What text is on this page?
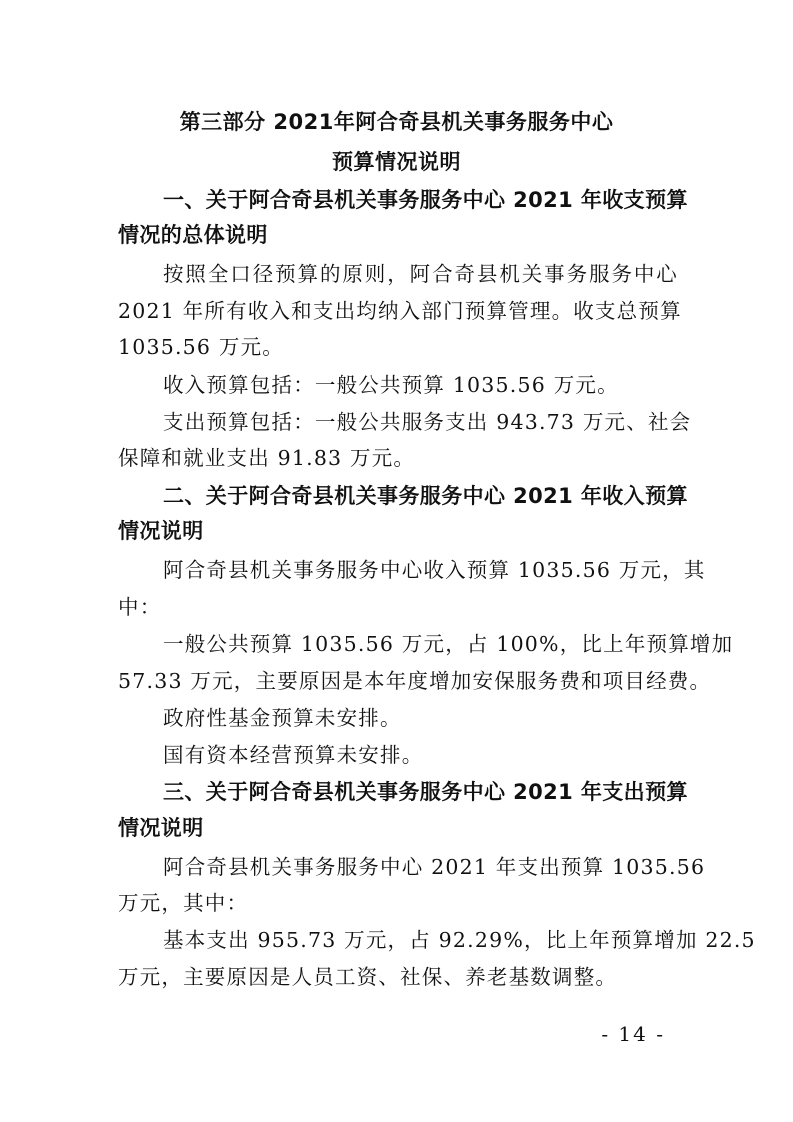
第三部分 2021年阿合奇县机关事务服务中心
预算情况说明
一、关于阿合奇县机关事务服务中心 2021 年收支预算
情况的总体说明
按照全口径预算的原则，阿合奇县机关事务服务中心
2021 年所有收入和支出均纳入部门预算管理。收支总预算
1035.56 万元。
收入预算包括：一般公共预算 1035.56 万元。
支出预算包括：一般公共服务支出 943.73 万元、社会
保障和就业支出 91.83 万元。
二、关于阿合奇县机关事务服务中心 2021 年收入预算
情况说明
阿合奇县机关事务服务中心收入预算 1035.56 万元，其
中：
一般公共预算 1035.56 万元，占 100%，比上年预算增加
57.33 万元，主要原因是本年度增加安保服务费和项目经费。
政府性基金预算未安排。
国有资本经营预算未安排。
三、关于阿合奇县机关事务服务中心 2021 年支出预算
情况说明
阿合奇县机关事务服务中心 2021 年支出预算 1035.56
万元，其中：
基本支出 955.73 万元，占 92.29%，比上年预算增加 22.5
万元，主要原因是人员工资、社保、养老基数调整。
- 14 -
